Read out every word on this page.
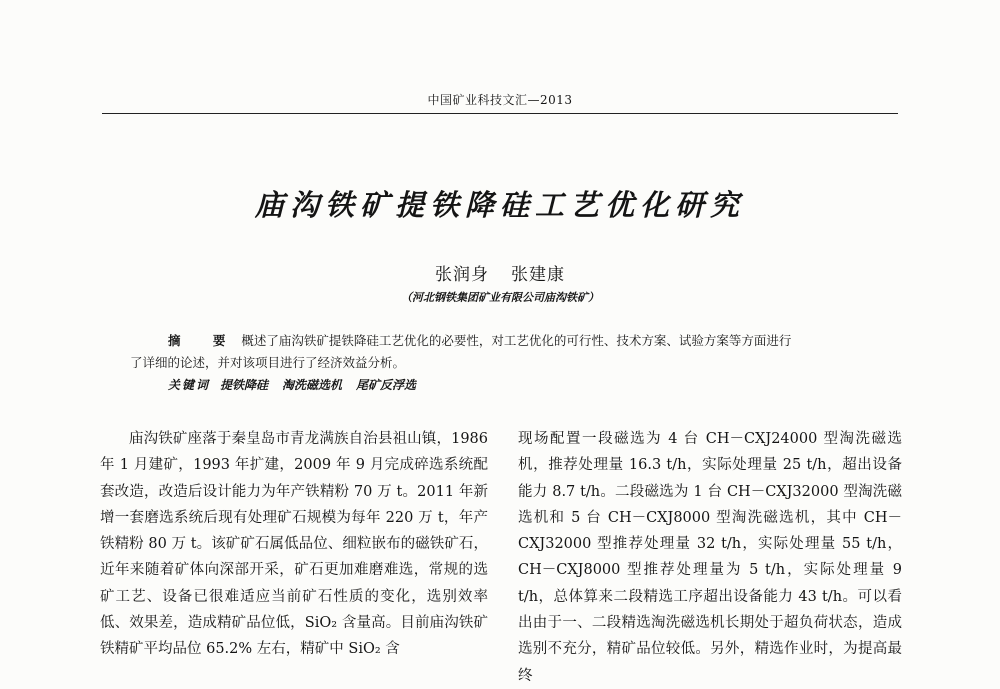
中国矿业科技文汇—2013
庙沟铁矿提铁降硅工艺优化研究
张润身 张建康
（河北钢铁集团矿业有限公司庙沟铁矿）

摘 要 概述了庙沟铁矿提铁降硅工艺优化的必要性，对工艺优化的可行性、技术方案、试验方案等方面进行

了详细的论述，并对该项目进行了经济效益分析。

关键词 提铁降硅 淘洗磁选机 尾矿反浮选

庙沟铁矿座落于秦皇岛市青龙满族自治县祖山镇，1986 年 1 月建矿，1993 年扩建，2009 年 9 月完成碎选系统配套改造，改造后设计能力为年产铁精粉 70 万 t。2011 年新增一套磨选系统后现有处理矿石规模为每年 220 万 t，年产铁精粉 80 万 t。该矿矿石属低品位、细粒嵌布的磁铁矿石，近年来随着矿体向深部开采，矿石更加难磨难选，常规的选矿工艺、设备已很难适应当前矿石性质的变化，选别效率低、效果差，造成精矿品位低，SiO₂ 含量高。目前庙沟铁矿铁精矿平均品位 65.2% 左右，精矿中 SiO₂ 含

现场配置一段磁选为 4 台 CH－CXJ24000 型淘洗磁选机，推荐处理量 16.3 t/h，实际处理量 25 t/h，超出设备能力 8.7 t/h。二段磁选为 1 台 CH－CXJ32000 型淘洗磁选机和 5 台 CH－CXJ8000 型淘洗磁选机，其中 CH－CXJ32000 型推荐处理量 32 t/h，实际处理量 55 t/h，CH－CXJ8000 型推荐处理量为 5 t/h，实际处理量 9 t/h，总体算来二段精选工序超出设备能力 43 t/h。可以看出由于一、二段精选淘洗磁选机长期处于超负荷状态，造成选别不充分，精矿品位较低。另外，精选作业时，为提高最终
